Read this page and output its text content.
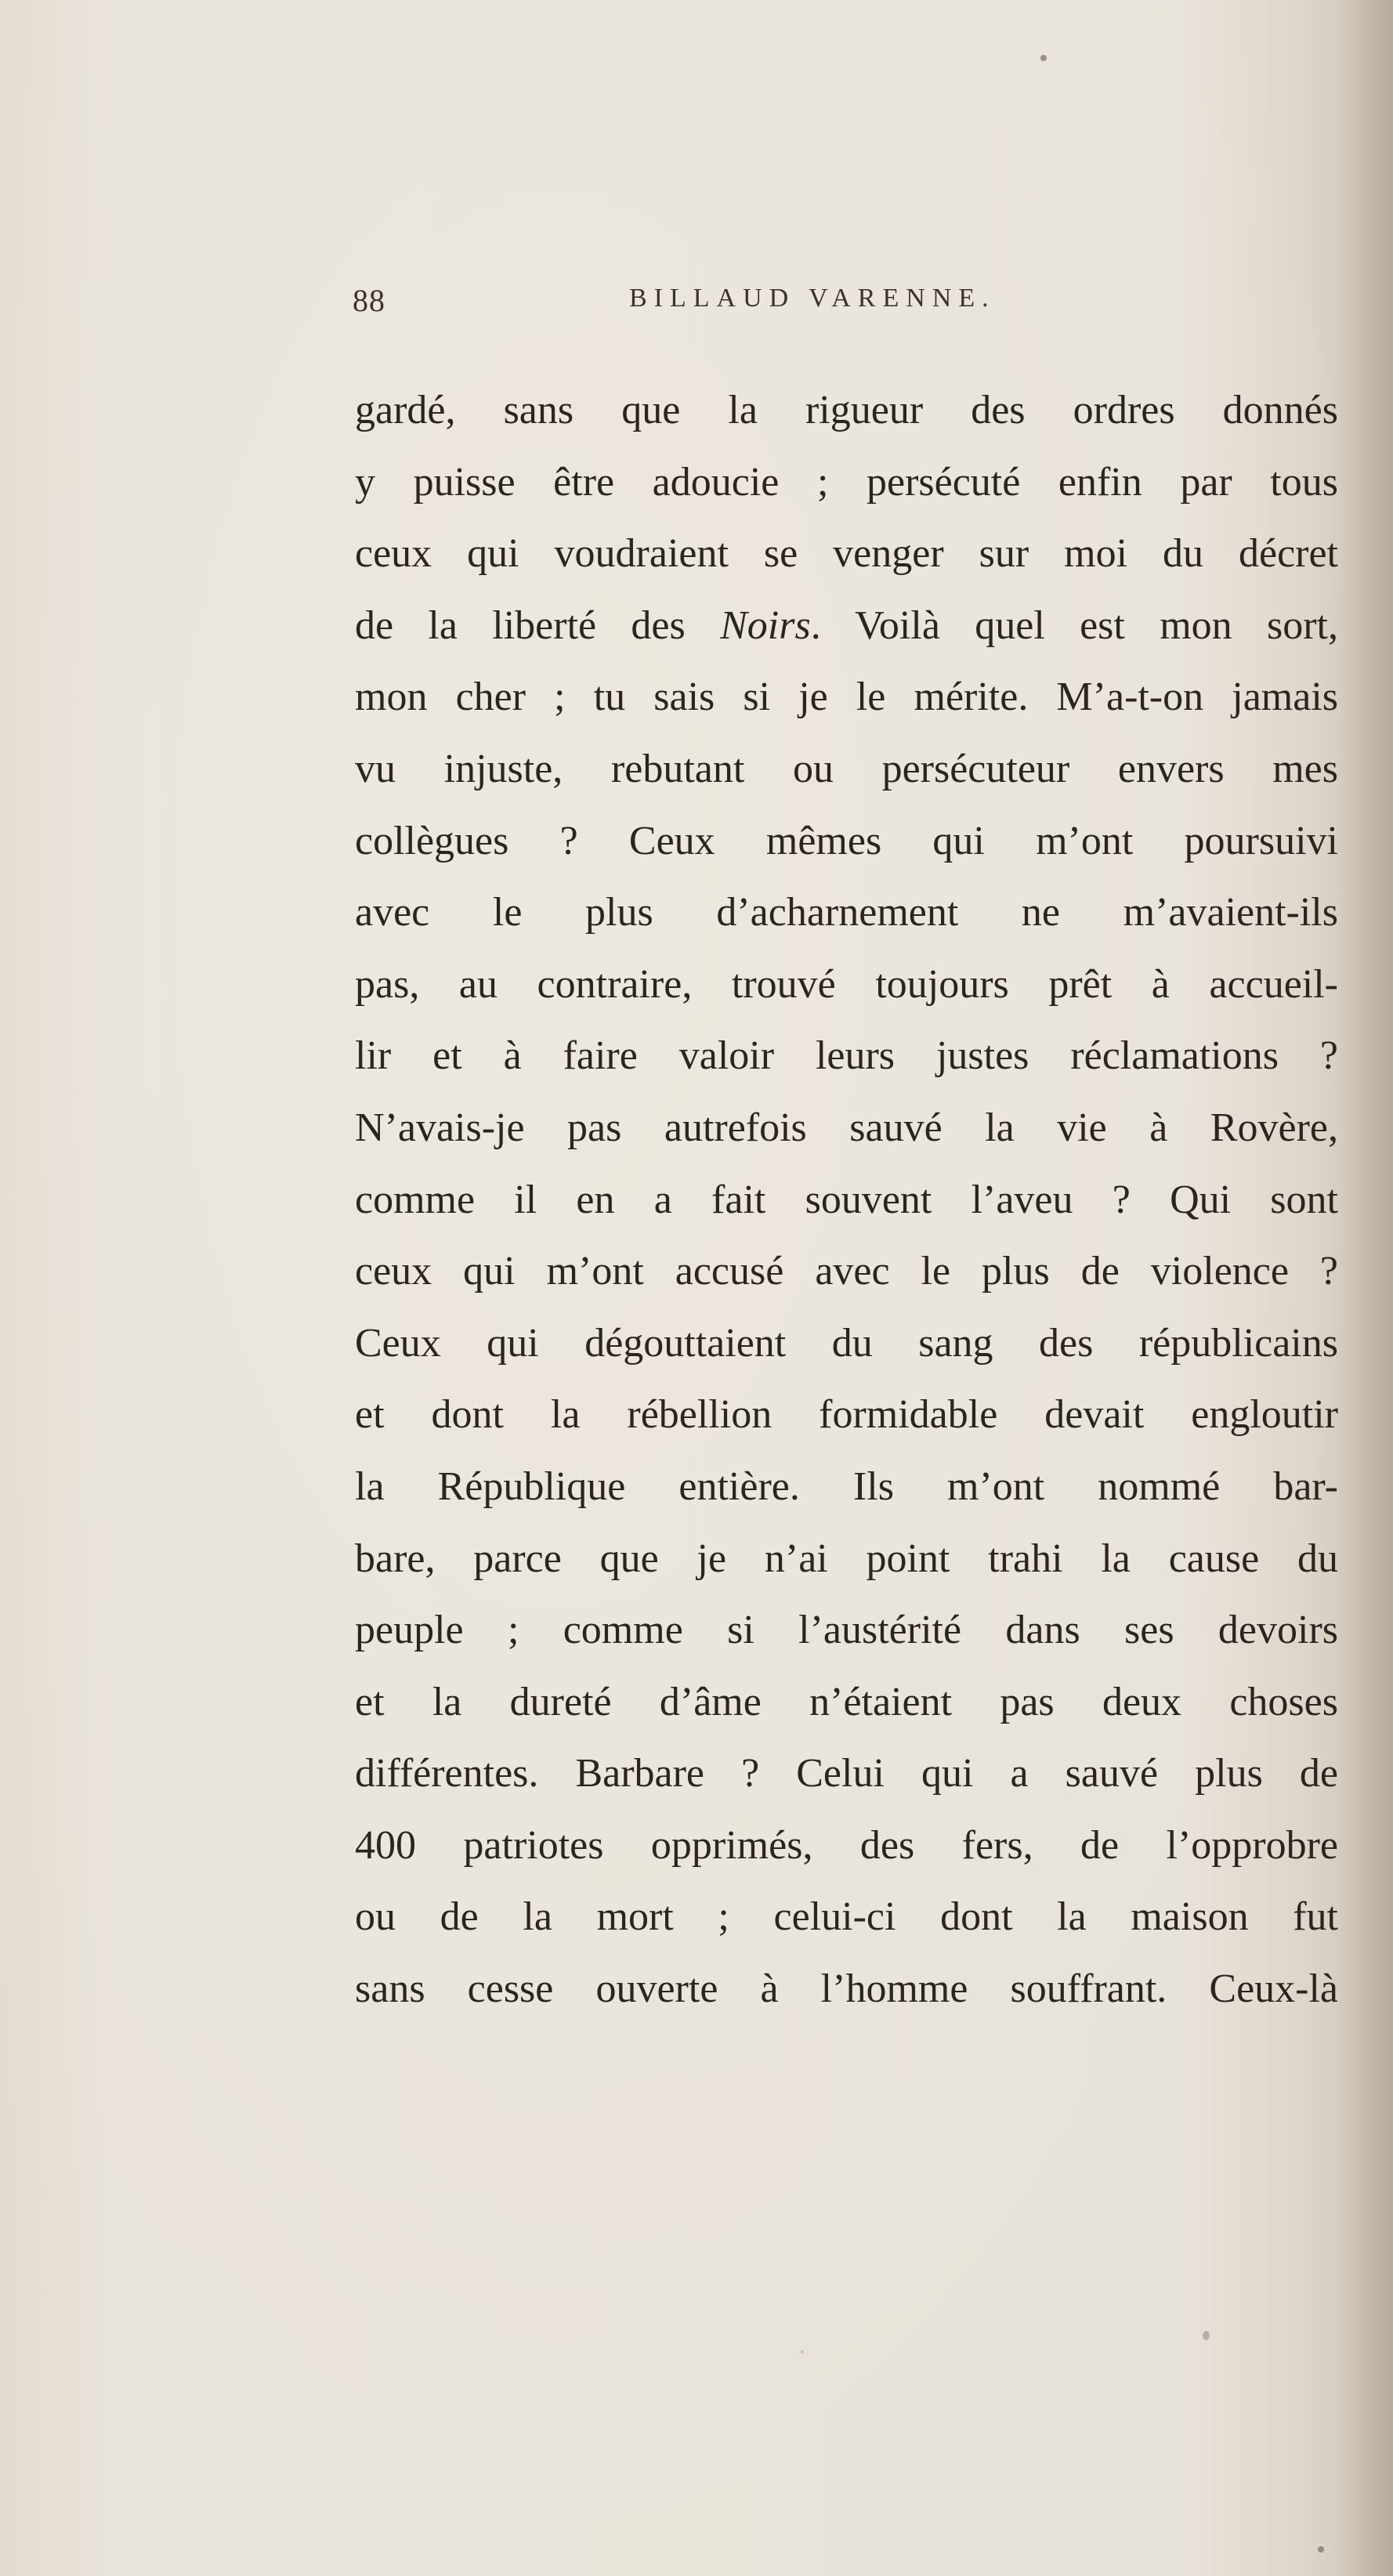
88	BILLAUD VARENNE.
gardé, sans que la rigueur des ordres donnés
y puisse être adoucie ; persécuté enfin par tous
ceux qui voudraient se venger sur moi du décret
de la liberté des Noirs. Voilà quel est mon sort,
mon cher ; tu sais si je le mérite. M’a-t-on jamais
vu injuste, rebutant ou persécuteur envers mes
collègues ? Ceux mêmes qui m’ont poursuivi
avec le plus d’acharnement ne m’avaient-ils
pas, au contraire, trouvé toujours prêt à accueil-
lir et à faire valoir leurs justes réclamations ?
N’avais-je pas autrefois sauvé la vie à Rovère,
comme il en a fait souvent l’aveu ? Qui sont
ceux qui m’ont accusé avec le plus de violence ?
Ceux qui dégouttaient du sang des républicains
et dont la rébellion formidable devait engloutir
la République entière. Ils m’ont nommé bar-
bare, parce que je n’ai point trahi la cause du
peuple ; comme si l’austérité dans ses devoirs
et la dureté d’âme n’étaient pas deux choses
différentes. Barbare ? Celui qui a sauvé plus de
400 patriotes opprimés, des fers, de l’opprobre
ou de la mort ; celui-ci dont la maison fut
sans cesse ouverte à l’homme souffrant. Ceux-là
